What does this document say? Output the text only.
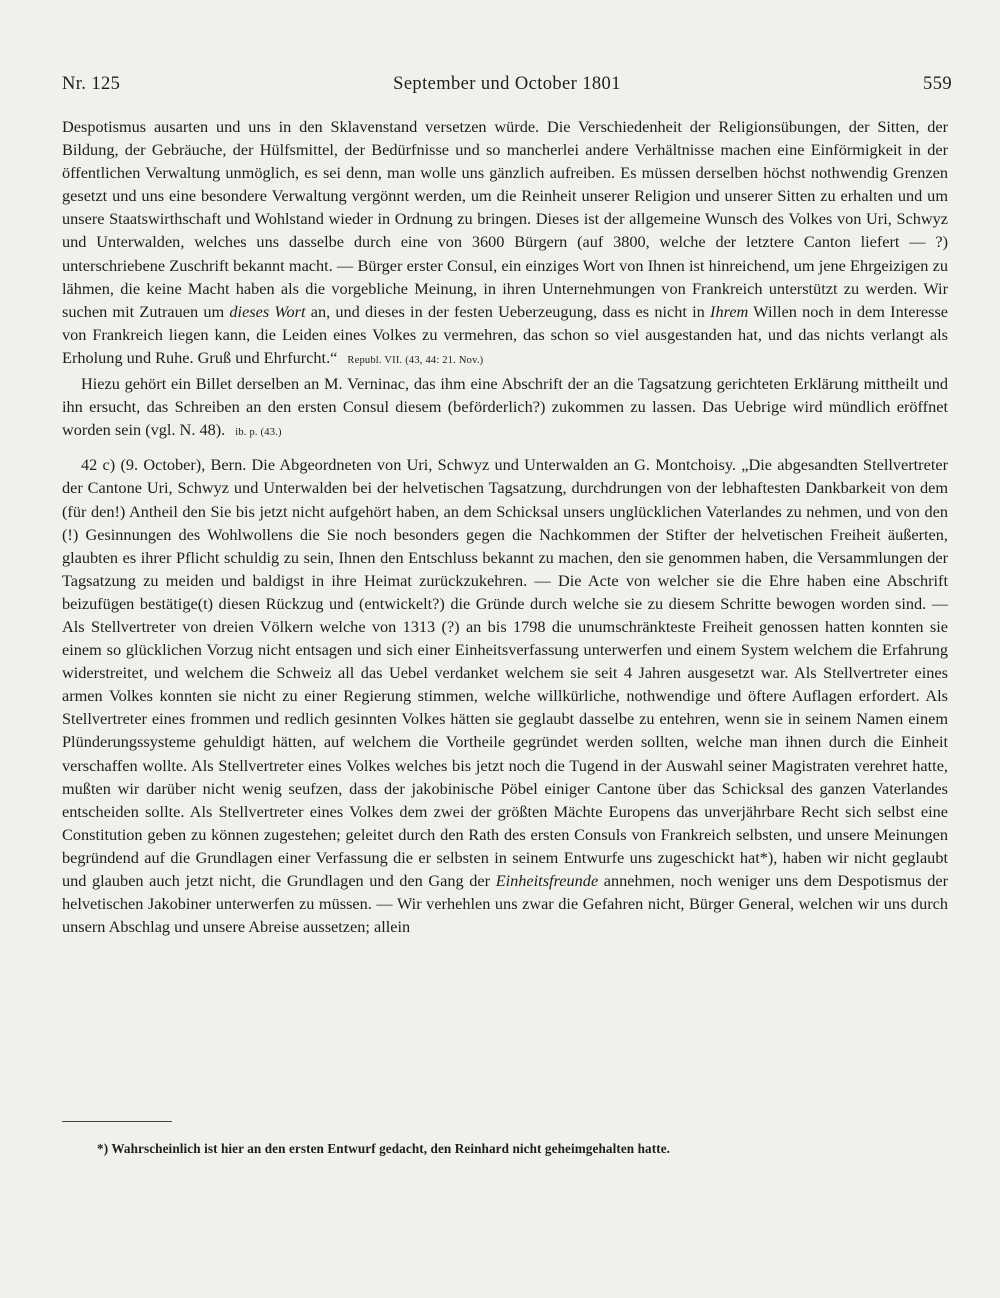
Nr. 125	September und October 1801	559

Despotismus ausarten und uns in den Sklavenstand versetzen würde. Die Verschiedenheit der Religionsübungen, der Sitten, der Bildung, der Gebräuche, der Hülfsmittel, der Bedürfnisse und so mancherlei andere Verhältnisse machen eine Einförmigkeit in der öffentlichen Verwaltung unmöglich, es sei denn, man wolle uns gänzlich aufreiben. Es müssen derselben höchst nothwendig Grenzen gesetzt und uns eine besondere Verwaltung vergönnt werden, um die Reinheit unserer Religion und unserer Sitten zu erhalten und um unsere Staatswirthschaft und Wohlstand wieder in Ordnung zu bringen. Dieses ist der allgemeine Wunsch des Volkes von Uri, Schwyz und Unterwalden, welches uns dasselbe durch eine von 3600 Bürgern (auf 3800, welche der letztere Canton liefert — ?) unterschriebene Zuschrift bekannt macht. — Bürger erster Consul, ein einziges Wort von Ihnen ist hinreichend, um jene Ehrgeizigen zu lähmen, die keine Macht haben als die vorgebliche Meinung, in ihren Unternehmungen von Frankreich unterstützt zu werden. Wir suchen mit Zutrauen um dieses Wort an, und dieses in der festen Ueberzeugung, dass es nicht in Ihrem Willen noch in dem Interesse von Frankreich liegen kann, die Leiden eines Volkes zu vermehren, das schon so viel ausgestanden hat, und das nichts verlangt als Erholung und Ruhe. Gruß und Ehrfurcht.“ Republ. VII. (43, 44: 21. Nov.)

Hiezu gehört ein Billet derselben an M. Verninac, das ihm eine Abschrift der an die Tagsatzung gerichteten Erklärung mittheilt und ihn ersucht, das Schreiben an den ersten Consul diesem (beförderlich?) zukommen zu lassen. Das Uebrige wird mündlich eröffnet worden sein (vgl. N. 48). ib. p. (43.)

42 c) (9. October), Bern. Die Abgeordneten von Uri, Schwyz und Unterwalden an G. Montchoisy. „Die abgesandten Stellvertreter der Cantone Uri, Schwyz und Unterwalden bei der helvetischen Tagsatzung, durchdrungen von der lebhaftesten Dankbarkeit von dem (für den!) Antheil den Sie bis jetzt nicht aufgehört haben, an dem Schicksal unsers unglücklichen Vaterlandes zu nehmen, und von den (!) Gesinnungen des Wohlwollens die Sie noch besonders gegen die Nachkommen der Stifter der helvetischen Freiheit äußerten, glaubten es ihrer Pflicht schuldig zu sein, Ihnen den Entschluss bekannt zu machen, den sie genommen haben, die Versammlungen der Tagsatzung zu meiden und baldigst in ihre Heimat zurückzukehren. — Die Acte von welcher sie die Ehre haben eine Abschrift beizufügen bestätige(t) diesen Rückzug und (entwickelt?) die Gründe durch welche sie zu diesem Schritte bewogen worden sind. — Als Stellvertreter von dreien Völkern welche von 1313 (?) an bis 1798 die unumschränkteste Freiheit genossen hatten konnten sie einem so glücklichen Vorzug nicht entsagen und sich einer Einheitsverfassung unterwerfen und einem System welchem die Erfahrung widerstreitet, und welchem die Schweiz all das Uebel verdanket welchem sie seit 4 Jahren ausgesetzt war. Als Stellvertreter eines armen Volkes konnten sie nicht zu einer Regierung stimmen, welche willkürliche, nothwendige und öftere Auflagen erfordert. Als Stellvertreter eines frommen und redlich gesinnten Volkes hätten sie geglaubt dasselbe zu entehren, wenn sie in seinem Namen einem Plünderungssysteme gehuldigt hätten, auf welchem die Vortheile gegründet werden sollten, welche man ihnen durch die Einheit verschaffen wollte. Als Stellvertreter eines Volkes welches bis jetzt noch die Tugend in der Auswahl seiner Magistraten verehret hatte, mußten wir darüber nicht wenig seufzen, dass der jakobinische Pöbel einiger Cantone über das Schicksal des ganzen Vaterlandes entscheiden sollte. Als Stellvertreter eines Volkes dem zwei der größten Mächte Europens das unverjährbare Recht sich selbst eine Constitution geben zu können zugestehen; geleitet durch den Rath des ersten Consuls von Frankreich selbsten, und unsere Meinungen begründend auf die Grundlagen einer Verfassung die er selbsten in seinem Entwurfe uns zugeschickt hat*), haben wir nicht geglaubt und glauben auch jetzt nicht, die Grundlagen und den Gang der Einheitsfreunde annehmen, noch weniger uns dem Despotismus der helvetischen Jakobiner unterwerfen zu müssen. — Wir verhehlen uns zwar die Gefahren nicht, Bürger General, welchen wir uns durch unsern Abschlag und unsere Abreise aussetzen; allein

*) Wahrscheinlich ist hier an den ersten Entwurf gedacht, den Reinhard nicht geheimgehalten hatte.
